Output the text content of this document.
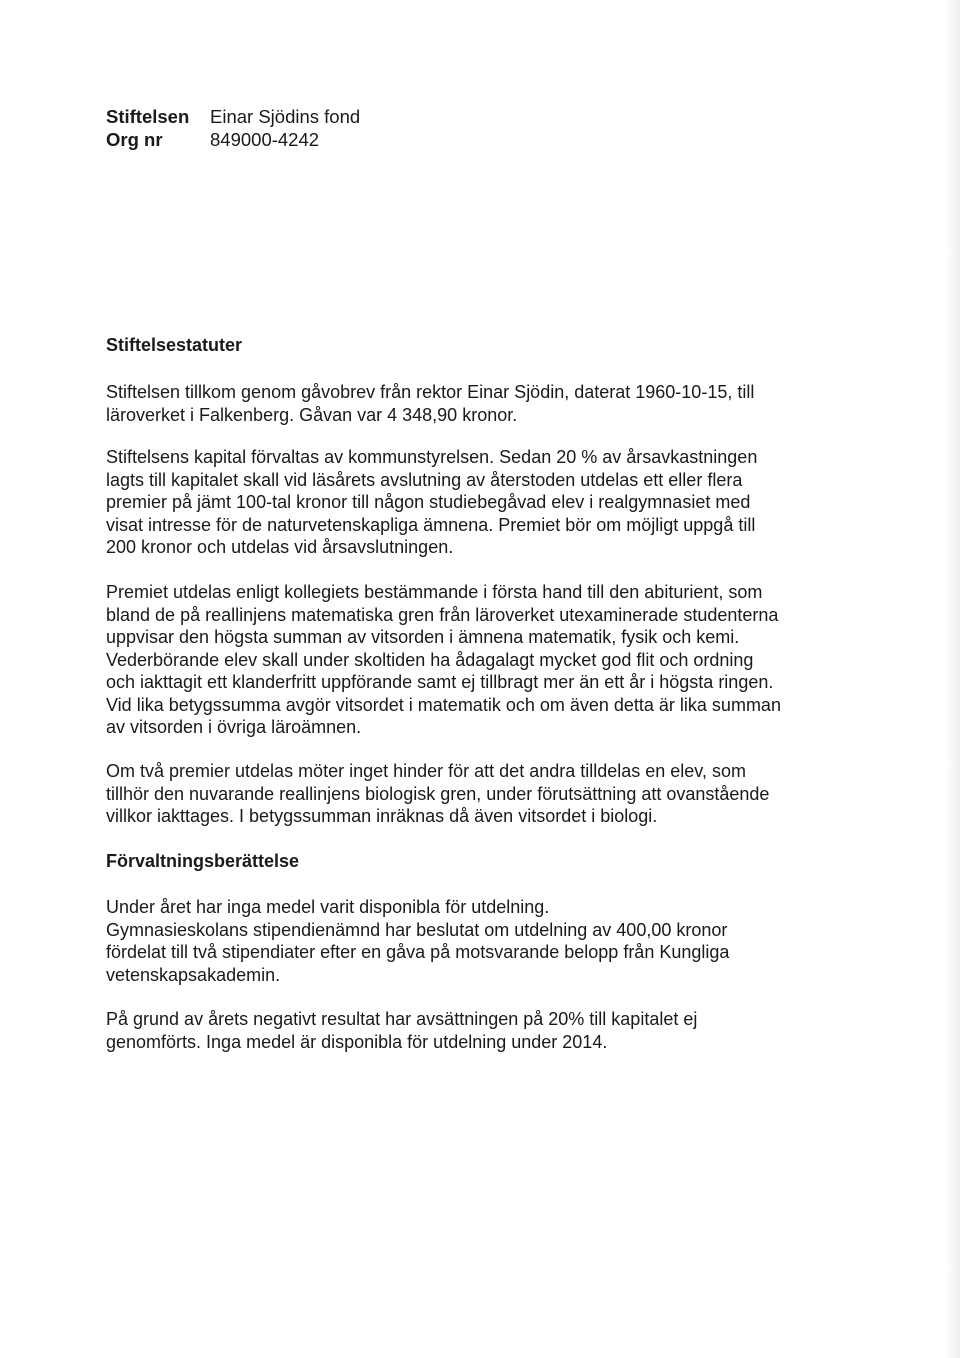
Stiftelsen	Einar Sjödins fond
Org nr	849000-4242
Stiftelsestatuter

Stiftelsen tillkom genom gåvobrev från rektor Einar Sjödin, daterat 1960-10-15, till
läroverket i Falkenberg. Gåvan var 4 348,90 kronor.

Stiftelsens kapital förvaltas av kommunstyrelsen. Sedan 20 % av årsavkastningen
lagts till kapitalet skall vid läsårets avslutning av återstoden utdelas ett eller flera
premier på jämt 100-tal kronor till någon studiebegåvad elev i realgymnasiet med
visat intresse för de naturvetenskapliga ämnena. Premiet bör om möjligt uppgå till
200 kronor och utdelas vid årsavslutningen.

Premiet utdelas enligt kollegiets bestämmande i första hand till den abiturient, som
bland de på reallinjens matematiska gren från läroverket utexaminerade studenterna
uppvisar den högsta summan av vitsorden i ämnena matematik, fysik och kemi.
Vederbörande elev skall under skoltiden ha ådagalagt mycket god flit och ordning
och iakttagit ett klanderfritt uppförande samt ej tillbragt mer än ett år i högsta ringen.
Vid lika betygssumma avgör vitsordet i matematik och om även detta är lika summan
av vitsorden i övriga läroämnen.

Om två premier utdelas möter inget hinder för att det andra tilldelas en elev, som
tillhör den nuvarande reallinjens biologisk gren, under förutsättning att ovanstående
villkor iakttages. I betygssumman inräknas då även vitsordet i biologi.

Förvaltningsberättelse

Under året har inga medel varit disponibla för utdelning.
Gymnasieskolans stipendienämnd har beslutat om utdelning av 400,00 kronor
fördelat till två stipendiater efter en gåva på motsvarande belopp från Kungliga
vetenskapsakademin.

På grund av årets negativt resultat har avsättningen på 20% till kapitalet ej
genomförts. Inga medel är disponibla för utdelning under 2014.
